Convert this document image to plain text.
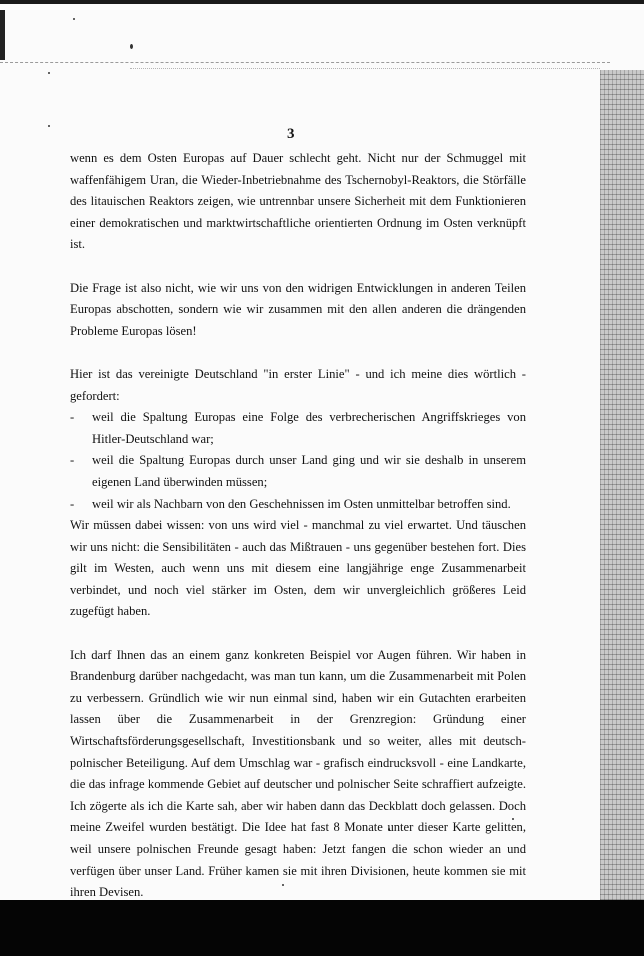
3

wenn es dem Osten Europas auf Dauer schlecht geht. Nicht nur der Schmuggel mit waffenfähigem Uran, die Wieder-Inbetriebnahme des Tschernobyl-Reaktors, die Störfälle des litauischen Reaktors zeigen, wie untrennbar unsere Sicherheit mit dem Funktionieren einer demokratischen und marktwirtschaftliche orientierten Ordnung im Osten verknüpft ist.

Die Frage ist also nicht, wie wir uns von den widrigen Entwicklungen in anderen Teilen Europas abschotten, sondern wie wir zusammen mit den allen anderen die drängenden Probleme Europas lösen!

Hier ist das vereinigte Deutschland "in erster Linie" - und ich meine dies wörtlich - gefordert:

- weil die Spaltung Europas eine Folge des verbrecherischen Angriffskrieges von Hitler-Deutschland war;
- weil die Spaltung Europas durch unser Land ging und wir sie deshalb in unserem eigenen Land überwinden müssen;
- weil wir als Nachbarn von den Geschehnissen im Osten unmittelbar betroffen sind.

Wir müssen dabei wissen: von uns wird viel - manchmal zu viel erwartet. Und täuschen wir uns nicht: die Sensibilitäten - auch das Mißtrauen - uns gegenüber bestehen fort. Dies gilt im Westen, auch wenn uns mit diesem eine langjährige enge Zusammenarbeit verbindet, und noch viel stärker im Osten, dem wir unvergleichlich größeres Leid zugefügt haben.

Ich darf Ihnen das an einem ganz konkreten Beispiel vor Augen führen. Wir haben in Brandenburg darüber nachgedacht, was man tun kann, um die Zusammenarbeit mit Polen zu verbessern. Gründlich wie wir nun einmal sind, haben wir ein Gutachten erarbeiten lassen über die Zusammenarbeit in der Grenzregion: Gründung einer Wirtschaftsförderungsgesellschaft, Investitionsbank und so weiter, alles mit deutsch-polnischer Beteiligung. Auf dem Umschlag war - grafisch eindrucksvoll - eine Landkarte, die das infrage kommende Gebiet auf deutscher und polnischer Seite schraffiert aufzeigte. Ich zögerte als ich die Karte sah, aber wir haben dann das Deckblatt doch gelassen. Doch meine Zweifel wurden bestätigt. Die Idee hat fast 8 Monate unter dieser Karte gelitten, weil unsere polnischen Freunde gesagt haben: Jetzt fangen die schon wieder an und verfügen über unser Land. Früher kamen sie mit ihren Divisionen, heute kommen sie mit ihren Devisen.
